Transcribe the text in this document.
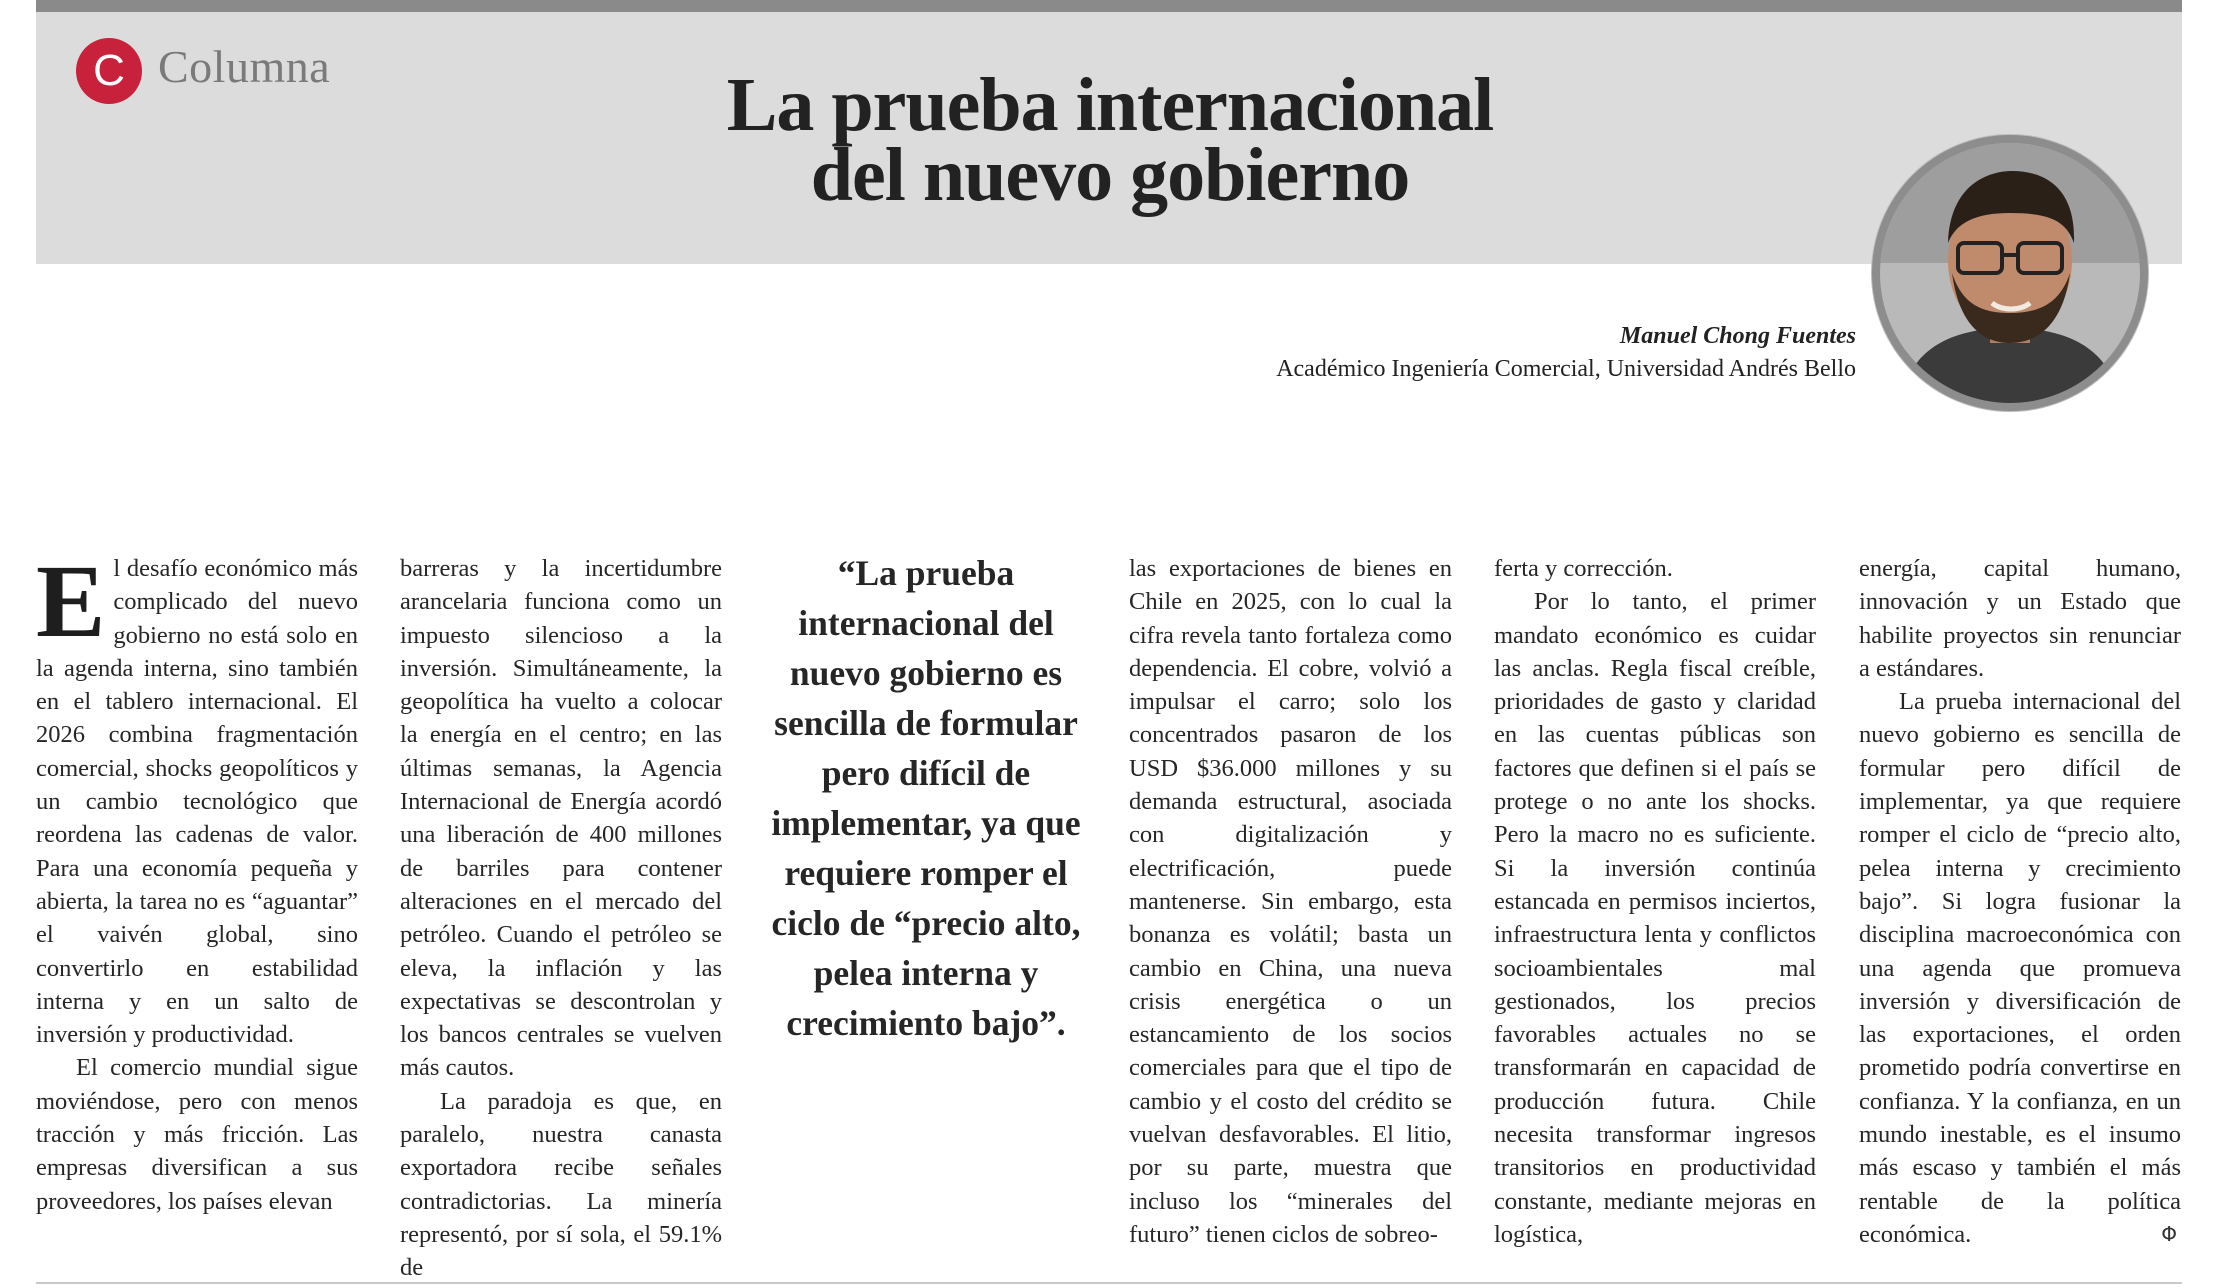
C Columna	La prueba internacional
del nuevo gobierno
Manuel Chong Fuentes
Académico Ingeniería Comercial, Universidad Andrés Bello

El desafío económico más complicado del nuevo gobierno no está solo en la agenda interna, sino también en el tablero internacional. El 2026 combina fragmentación comercial, shocks geopolíticos y un cambio tecnológico que reordena las cadenas de valor. Para una economía pequeña y abierta, la tarea no es “aguantar” el vaivén global, sino convertirlo en estabilidad interna y en un salto de inversión y productividad.

El comercio mundial sigue moviéndose, pero con menos tracción y más fricción. Las empresas diversifican a sus proveedores, los países elevan

barreras y la incertidumbre arancelaria funciona como un impuesto silencioso a la inversión. Simultáneamente, la geopolítica ha vuelto a colocar la energía en el centro; en las últimas semanas, la Agencia Internacional de Energía acordó una liberación de 400 millones de barriles para contener alteraciones en el mercado del petróleo. Cuando el petróleo se eleva, la inflación y las expectativas se descontrolan y los bancos centrales se vuelven más cautos.

La paradoja es que, en paralelo, nuestra canasta exportadora recibe señales contradictorias. La minería representó, por sí sola, el 59.1% de

“La prueba internacional del nuevo gobierno es sencilla de formular pero difícil de implementar, ya que requiere romper el ciclo de “precio alto, pelea interna y crecimiento bajo”.

las exportaciones de bienes en Chile en 2025, con lo cual la cifra revela tanto fortaleza como dependencia. El cobre, volvió a impulsar el carro; solo los concentrados pasaron de los USD $36.000 millones y su demanda estructural, asociada con digitalización y electrificación, puede mantenerse. Sin embargo, esta bonanza es volátil; basta un cambio en China, una nueva crisis energética o un estancamiento de los socios comerciales para que el tipo de cambio y el costo del crédito se vuelvan desfavorables. El litio, por su parte, muestra que incluso los “minerales del futuro” tienen ciclos de sobreo-

ferta y corrección.

Por lo tanto, el primer mandato económico es cuidar las anclas. Regla fiscal creíble, prioridades de gasto y claridad en las cuentas públicas son factores que definen si el país se protege o no ante los shocks. Pero la macro no es suficiente. Si la inversión continúa estancada en permisos inciertos, infraestructura lenta y conflictos socioambientales mal gestionados, los precios favorables actuales no se transformarán en capacidad de producción futura. Chile necesita transformar ingresos transitorios en productividad constante, mediante mejoras en logística,

energía, capital humano, innovación y un Estado que habilite proyectos sin renunciar a estándares.

La prueba internacional del nuevo gobierno es sencilla de formular pero difícil de implementar, ya que requiere romper el ciclo de “precio alto, pelea interna y crecimiento bajo”. Si logra fusionar la disciplina macroeconómica con una agenda que promueva inversión y diversificación de las exportaciones, el orden prometido podría convertirse en confianza. Y la confianza, en un mundo inestable, es el insumo más escaso y también el más rentable de la política económica.	Φ
